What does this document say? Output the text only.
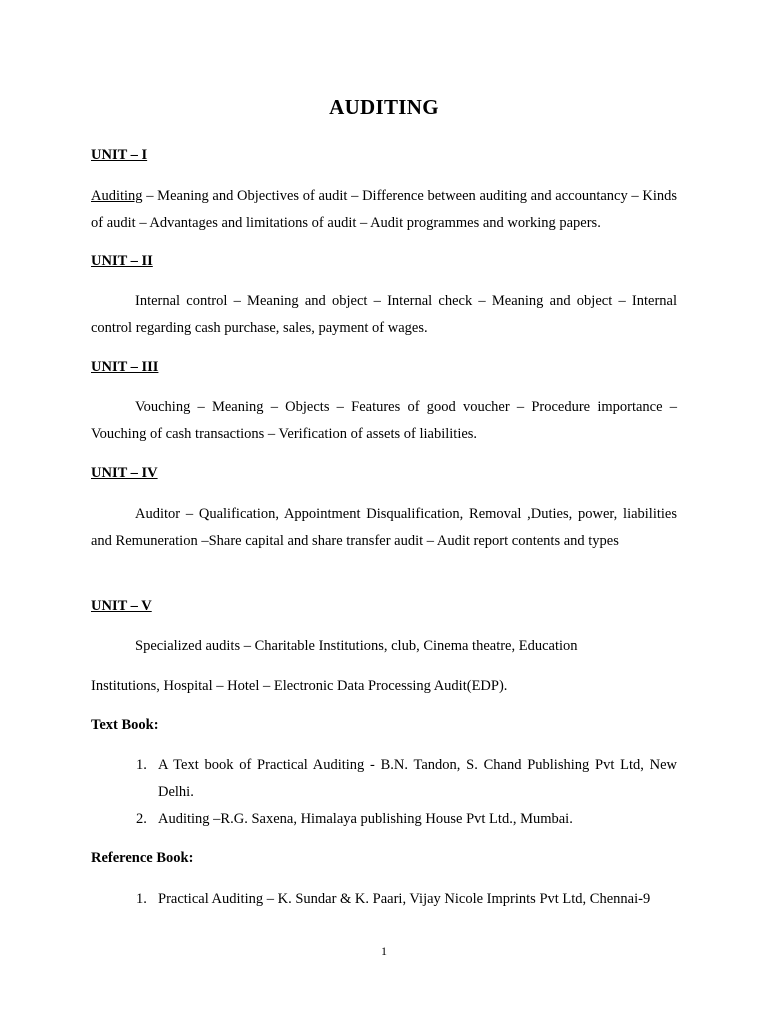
AUDITING
UNIT – I
Auditing – Meaning and Objectives of audit – Difference between auditing and accountancy – Kinds of audit – Advantages and limitations of audit – Audit programmes and working papers.
UNIT – II
Internal control – Meaning and object – Internal check – Meaning and object – Internal control regarding cash purchase, sales, payment of wages.
UNIT – III
Vouching – Meaning – Objects – Features of good voucher – Procedure importance – Vouching of cash transactions – Verification of assets of liabilities.
UNIT – IV
Auditor – Qualification, Appointment Disqualification, Removal ,Duties, power, liabilities and Remuneration –Share capital and share transfer audit – Audit report contents and types
UNIT – V
Specialized audits – Charitable Institutions, club, Cinema theatre, Education
Institutions, Hospital – Hotel – Electronic Data Processing Audit(EDP).
Text Book:
1. A Text book of Practical Auditing - B.N. Tandon, S. Chand Publishing Pvt Ltd, New Delhi.
2. Auditing –R.G. Saxena, Himalaya publishing House Pvt Ltd., Mumbai.
Reference Book:
1. Practical Auditing – K. Sundar & K. Paari, Vijay Nicole Imprints Pvt Ltd, Chennai-9
1
